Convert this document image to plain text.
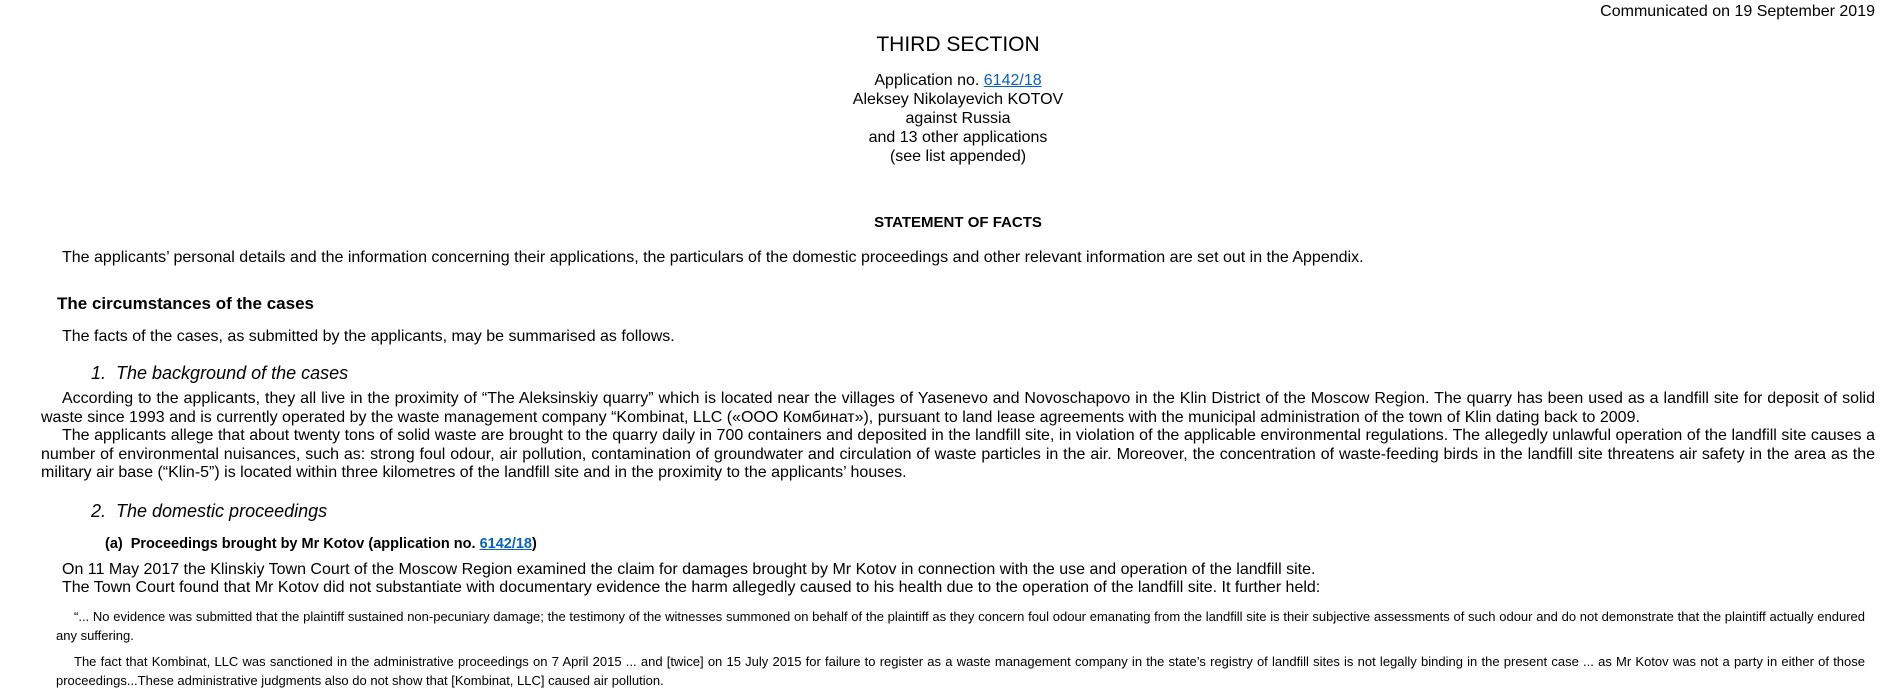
Communicated on 19 September 2019
THIRD SECTION
Application no. 6142/18
Aleksey Nikolayevich KOTOV
against Russia
and 13 other applications
(see list appended)
STATEMENT OF FACTS

The applicants’ personal details and the information concerning their applications, the particulars of the domestic proceedings and other relevant information are set out in the Appendix.

The circumstances of the cases

The facts of the cases, as submitted by the applicants, may be summarised as follows.

1. The background of the cases

According to the applicants, they all live in the proximity of “The Aleksinskiy quarry” which is located near the villages of Yasenevo and Novoschapovo in the Klin District of the Moscow Region. The quarry has been used as a landfill site for deposit of solid waste since 1993 and is currently operated by the waste management company “Kombinat, LLC («ООО Комбинат»), pursuant to land lease agreements with the municipal administration of the town of Klin dating back to 2009.

The applicants allege that about twenty tons of solid waste are brought to the quarry daily in 700 containers and deposited in the landfill site, in violation of the applicable environmental regulations. The allegedly unlawful operation of the landfill site causes a number of environmental nuisances, such as: strong foul odour, air pollution, contamination of groundwater and circulation of waste particles in the air. Moreover, the concentration of waste-feeding birds in the landfill site threatens air safety in the area as the military air base (“Klin-5”) is located within three kilometres of the landfill site and in the proximity to the applicants’ houses.

2. The domestic proceedings
(a) Proceedings brought by Mr Kotov (application no. 6142/18)

On 11 May 2017 the Klinskiy Town Court of the Moscow Region examined the claim for damages brought by Mr Kotov in connection with the use and operation of the landfill site.

The Town Court found that Mr Kotov did not substantiate with documentary evidence the harm allegedly caused to his health due to the operation of the landfill site. It further held:

“... No evidence was submitted that the plaintiff sustained non-pecuniary damage; the testimony of the witnesses summoned on behalf of the plaintiff as they concern foul odour emanating from the landfill site is their subjective assessments of such odour and do not demonstrate that the plaintiff actually endured any suffering.

The fact that Kombinat, LLC was sanctioned in the administrative proceedings on 7 April 2015 ... and [twice] on 15 July 2015 for failure to register as a waste management company in the state’s registry of landfill sites is not legally binding in the present case ... as Mr Kotov was not a party in either of those proceedings...These administrative judgments also do not show that [Kombinat, LLC] caused air pollution.
